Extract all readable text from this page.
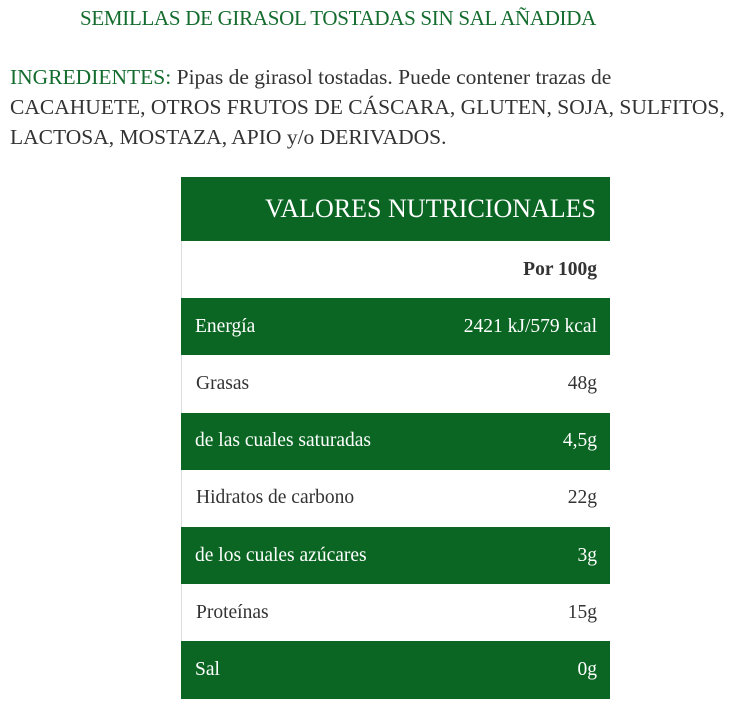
SEMILLAS DE GIRASOL TOSTADAS SIN SAL AÑADIDA
INGREDIENTES: Pipas de girasol tostadas. Puede contener trazas de CACAHUETE, OTROS FRUTOS DE CÁSCARA, GLUTEN, SOJA, SULFITOS, LACTOSA, MOSTAZA, APIO y/o DERIVADOS.
VALORES NUTRICIONALES
Por 100g
Energía	2421 kJ/579 kcal
Grasas	48g
de las cuales saturadas	4,5g
Hidratos de carbono	22g
de los cuales azúcares	3g
Proteínas	15g
Sal	0g
